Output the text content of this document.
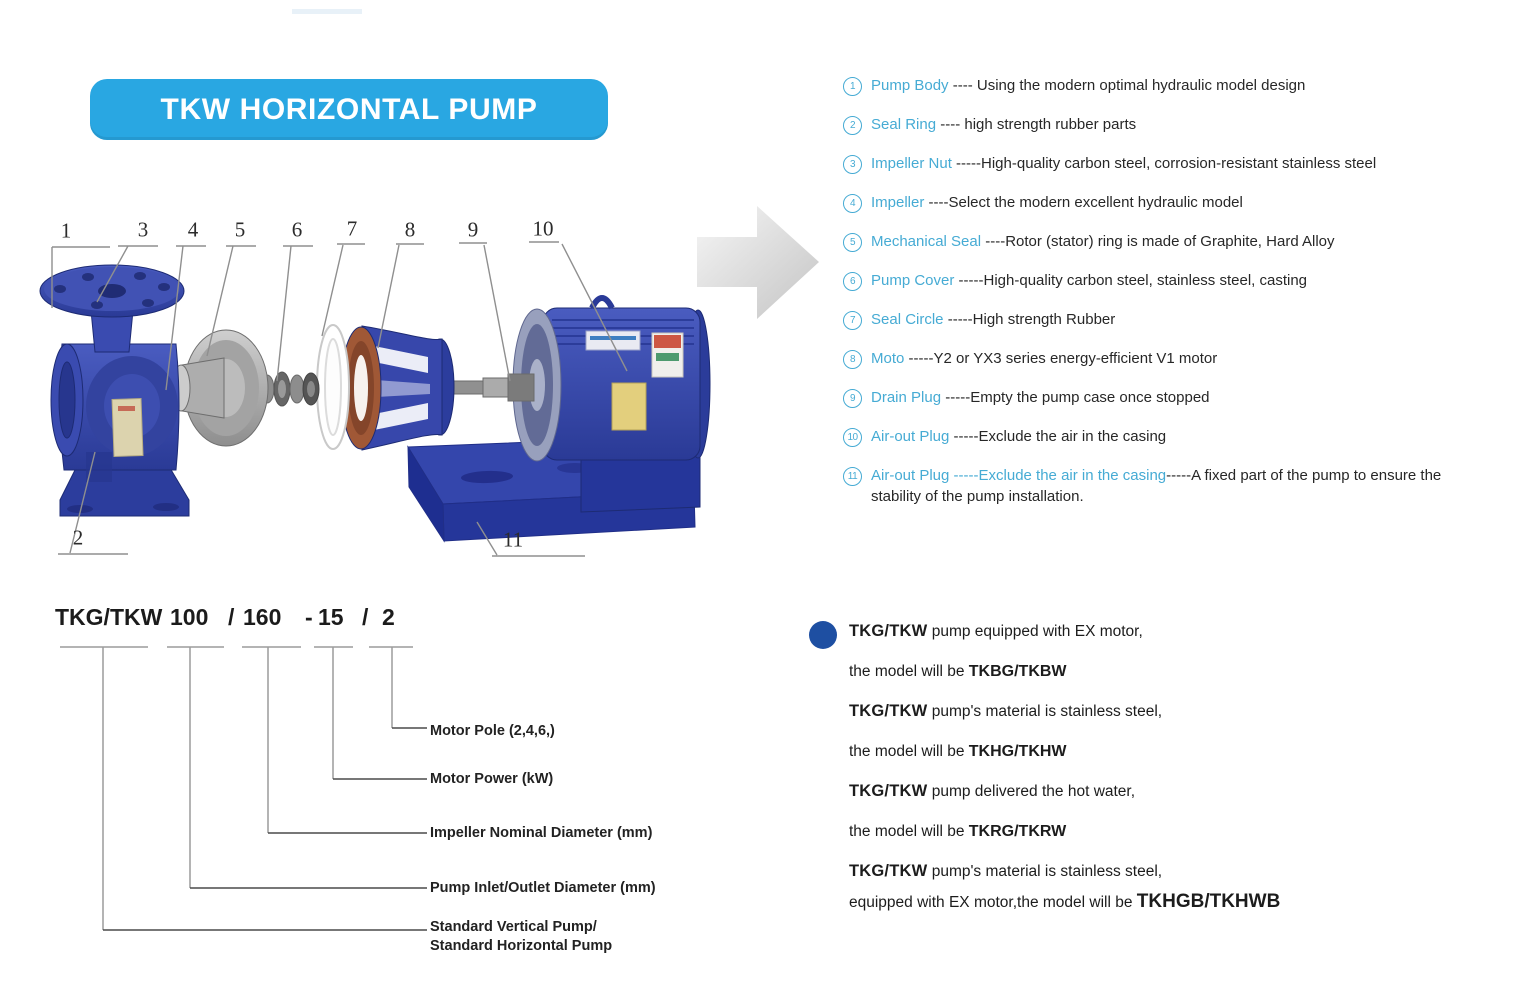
TKW HORIZONTAL PUMP
1
2
3 4 5 6 7 8	9	10
11
1	Pump Body ---- Using the modern optimal hydraulic model design
2	Seal Ring ---- high strength rubber parts
3	Impeller Nut -----High-quality carbon steel, corrosion-resistant stainless steel
4	Impeller ----Select the modern excellent hydraulic model
5	Mechanical Seal ----Rotor (stator) ring is made of Graphite, Hard Alloy
6	Pump Cover -----High-quality carbon steel, stainless steel, casting
7	Seal Circle -----High strength Rubber
8	Moto -----Y2 or YX3 series energy-efficient V1 motor
9	Drain Plug -----Empty the pump case once stopped
10 Air-out Plug -----Exclude the air in the casing
11 Air-out Plug -----Exclude the air in the casing-----A fixed part of the pump to ensure the stability of the pump installation.
TKG/TKW 100 / 160 - 15 / 2
Motor Pole (2,4,6,)
Motor Power (kW)
Impeller Nominal Diameter (mm)
Pump Inlet/Outlet Diameter (mm)
Standard Vertical Pump/
Standard Horizontal Pump
TKG/TKW pump equipped with EX motor,
the model will be TKBG/TKBW
TKG/TKW pump's material is stainless steel,
the model will be TKHG/TKHW
TKG/TKW pump delivered the hot water,
the model will be TKRG/TKRW
TKG/TKW pump's material is stainless steel,
equipped with EX motor,the model will be TKHGB/TKHWB
